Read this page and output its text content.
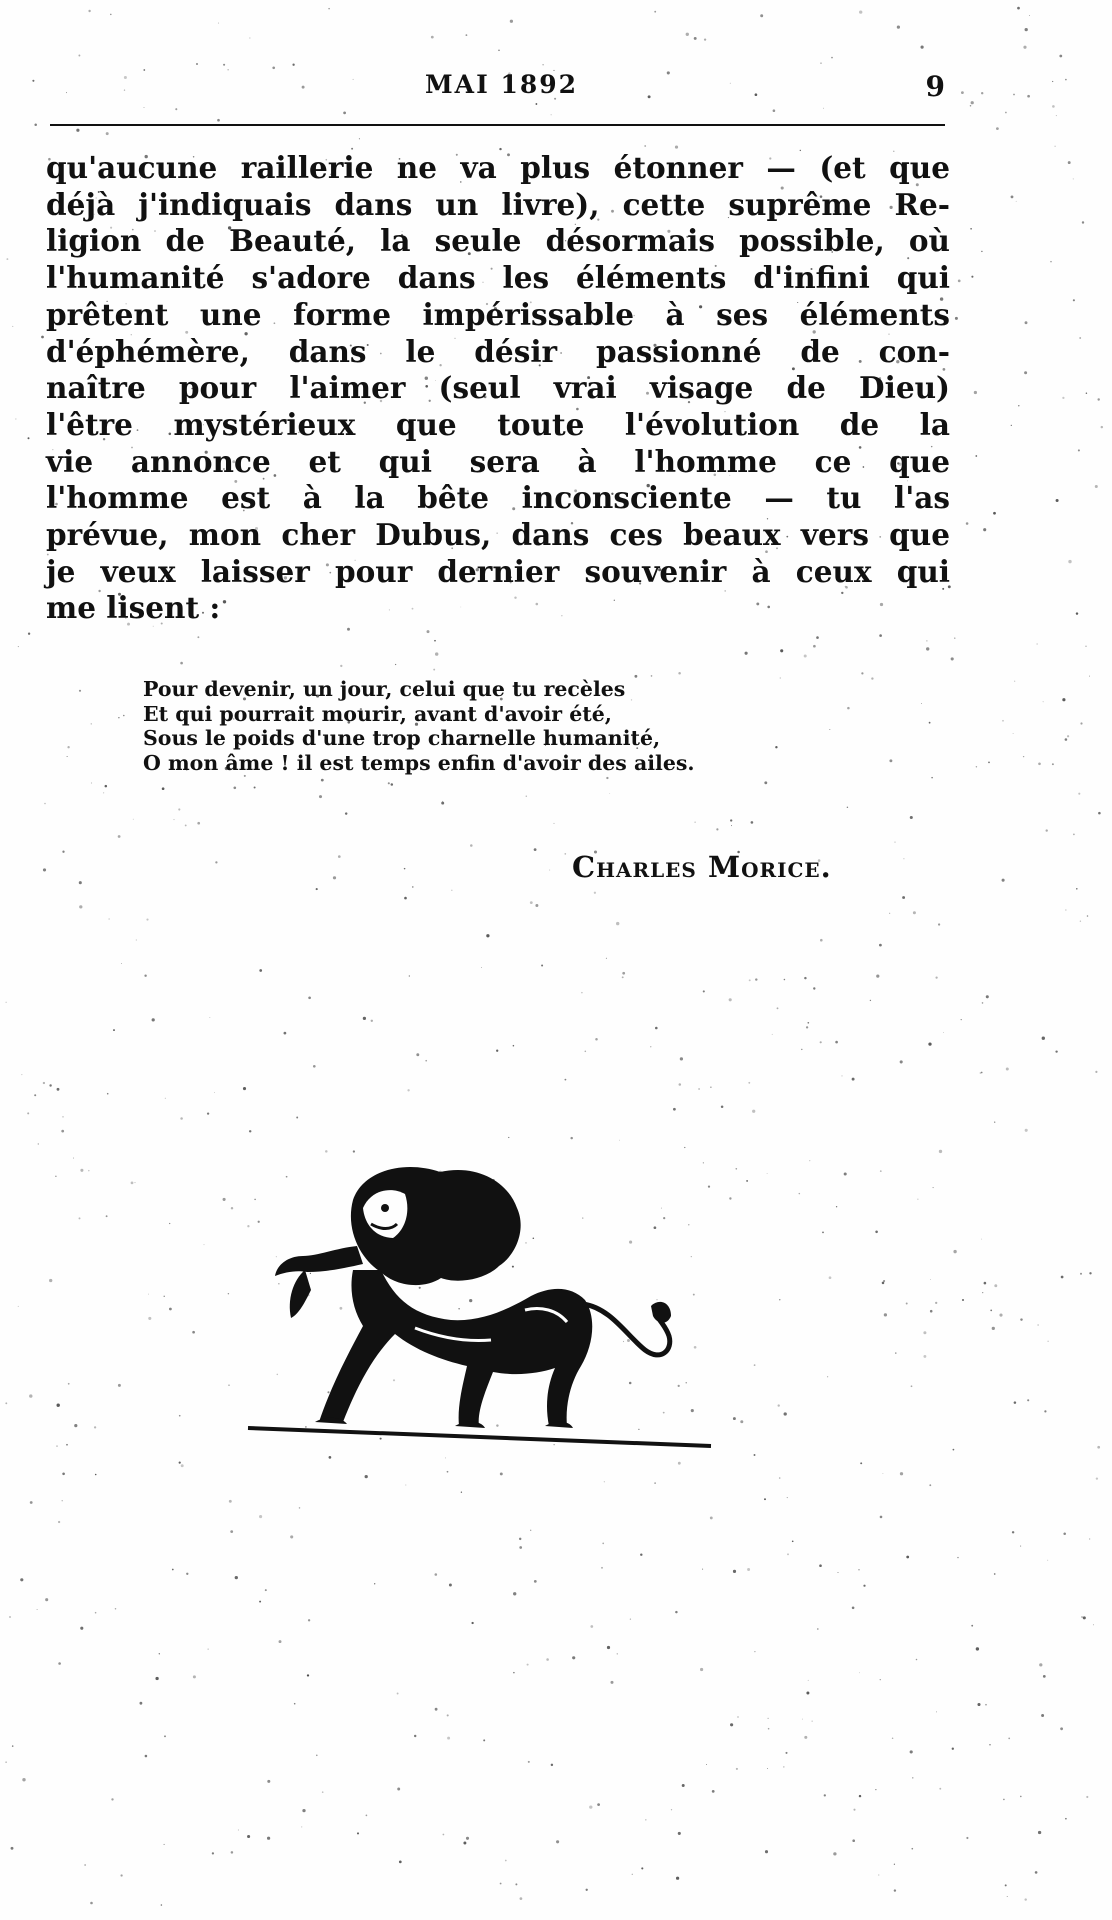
MAI 1892	9
qu'aucune raillerie ne va plus étonner — (et que
déjà j'indiquais dans un livre), cette suprême Re-
ligion de Beauté, la seule désormais possible, où
l'humanité s'adore dans les éléments d'infini qui
prêtent une forme impérissable à ses éléments
d'éphémère, dans le désir passionné de con-
naître pour l'aimer (seul vrai visage de Dieu)
l'être mystérieux que toute l'évolution de la
vie annonce et qui sera à l'homme ce que
l'homme est à la bête inconsciente — tu l'as
prévue, mon cher Dubus, dans ces beaux vers que
je veux laisser pour dernier souvenir à ceux qui
me lisent :
Pour devenir, un jour, celui que tu recèles
Et qui pourrait mourir, avant d'avoir été,
Sous le poids d'une trop charnelle humanité,
O mon âme ! il est temps enfin d'avoir des ailes.
Charles Morice.
